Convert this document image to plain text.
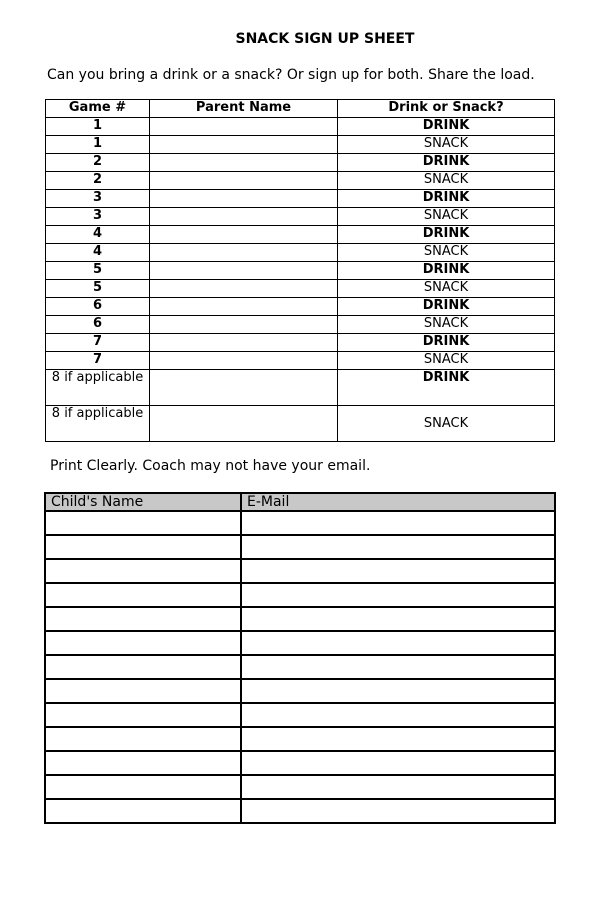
SNACK SIGN UP SHEET
Can you bring a drink or a snack? Or sign up for both. Share the load.
Game #	Parent Name	Drink or Snack?
1		DRINK
1		SNACK
2		DRINK
2		SNACK
3		DRINK
3		SNACK
4		DRINK
4		SNACK
5		DRINK
5		SNACK
6		DRINK
6		SNACK
7		DRINK
7		SNACK
8 if applicable		DRINK
8 if applicable		SNACK
Print Clearly. Coach may not have your email.
Child's Name	E-Mail
